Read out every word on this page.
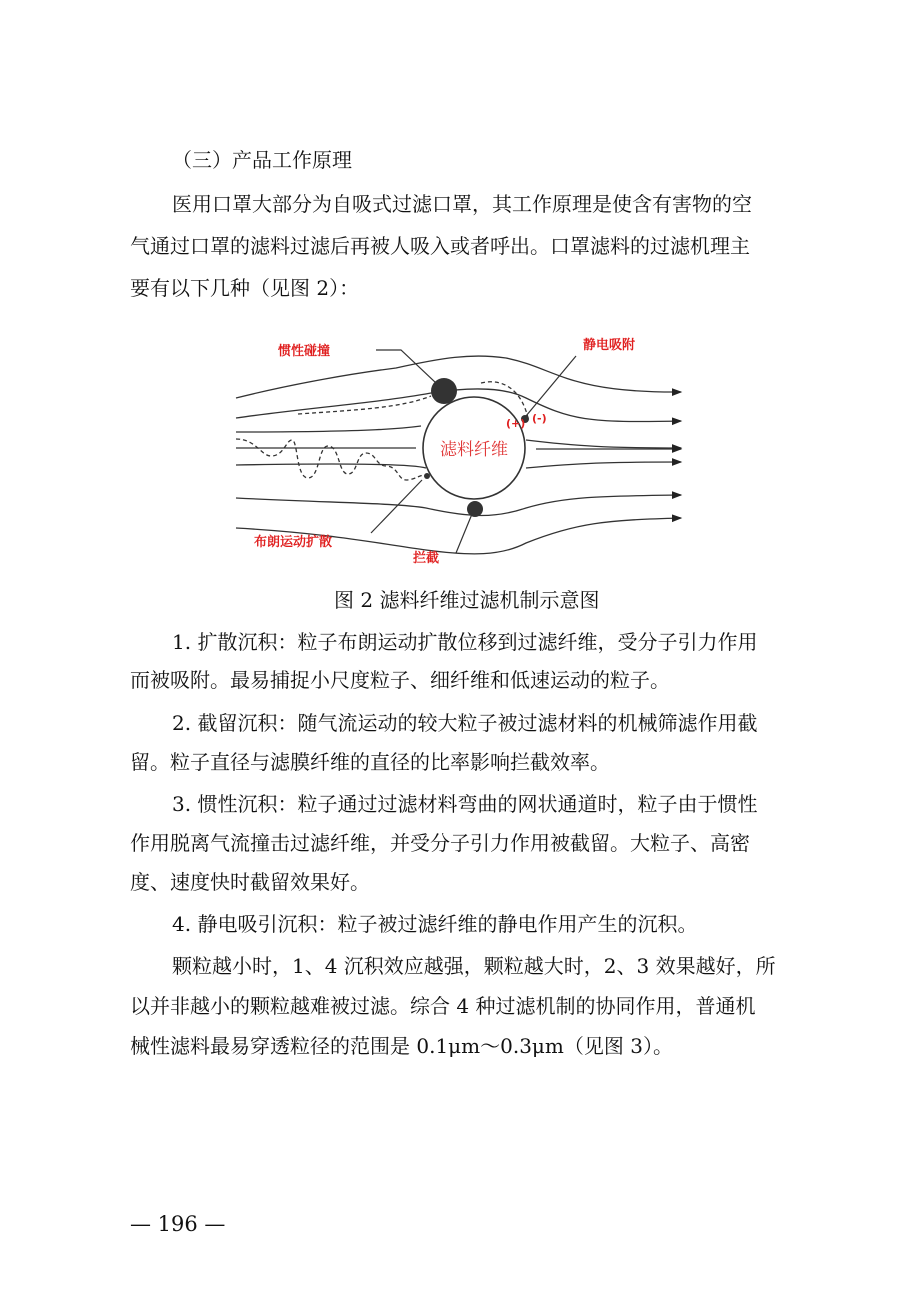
（三）产品工作原理
医用口罩大部分为自吸式过滤口罩，其工作原理是使含有害物的空
气通过口罩的滤料过滤后再被人吸入或者呼出。口罩滤料的过滤机理主
要有以下几种（见图 2）：
滤料纤维
惯性碰撞	静电吸附
(+) (-)
布朗运动扩散
拦截
图 2 滤料纤维过滤机制示意图
1. 扩散沉积：粒子布朗运动扩散位移到过滤纤维，受分子引力作用
而被吸附。最易捕捉小尺度粒子、细纤维和低速运动的粒子。
2. 截留沉积：随气流运动的较大粒子被过滤材料的机械筛滤作用截
留。粒子直径与滤膜纤维的直径的比率影响拦截效率。
3. 惯性沉积：粒子通过过滤材料弯曲的网状通道时，粒子由于惯性
作用脱离气流撞击过滤纤维，并受分子引力作用被截留。大粒子、高密
度、速度快时截留效果好。
4. 静电吸引沉积：粒子被过滤纤维的静电作用产生的沉积。
颗粒越小时，1、4 沉积效应越强，颗粒越大时，2、3 效果越好，所
以并非越小的颗粒越难被过滤。综合 4 种过滤机制的协同作用，普通机
械性滤料最易穿透粒径的范围是 0.1μm～0.3μm（见图 3）。
— 196 —
